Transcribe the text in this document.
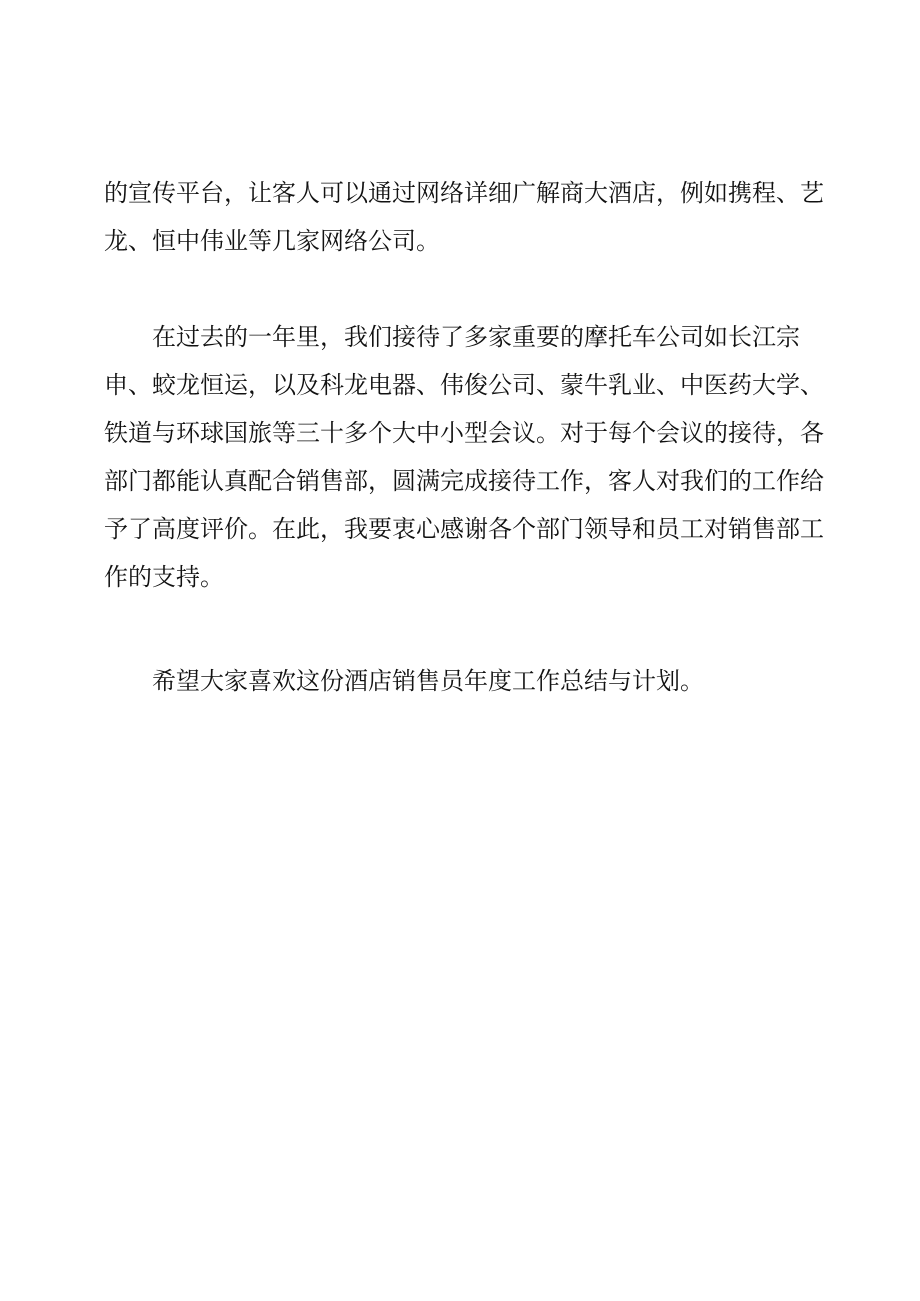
的宣传平台，让客人可以通过网络详细广解商大酒店，例如携程、艺
龙、恒中伟业等几家网络公司。
在过去的一年里，我们接待了多家重要的摩托车公司如长江宗
申、蛟龙恒运，以及科龙电器、伟俊公司、蒙牛乳业、中医药大学、
铁道与环球国旅等三十多个大中小型会议。对于每个会议的接待，各
部门都能认真配合销售部，圆满完成接待工作，客人对我们的工作给
予了高度评价。在此，我要衷心感谢各个部门领导和员工对销售部工
作的支持。
希望大家喜欢这份酒店销售员年度工作总结与计划。
